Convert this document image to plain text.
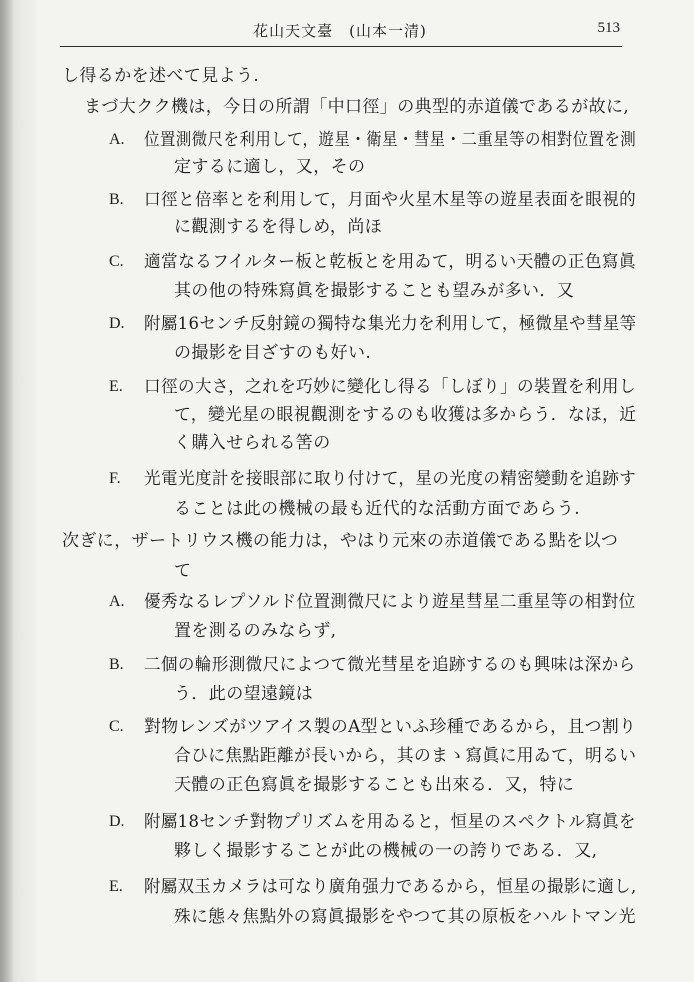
花山天文臺　(山本一清)	513
し得るかを述べて見よう.
まづ大クク機は，今日の所謂「中口徑」の典型的赤道儀であるが故に,
A. 位置測微尺を利用して，遊星・衛星・彗星・二重星等の相對位置を測
定するに適し，又，その
B. 口徑と倍率とを利用して，月面や火星木星等の遊星表面を眼視的
に觀測するを得しめ，尚ほ
C. 適當なるフイルター板と乾板とを用ゐて，明るい天體の正色寫眞
其の他の特殊寫眞を撮影することも望みが多い．又
D. 附屬16センチ反射鏡の獨特な集光力を利用して，極微星や彗星等
の撮影を目ざすのも好い.
E. 口徑の大さ，之れを巧妙に變化し得る「しぼり」の裝置を利用し
て，變光星の眼視觀測をするのも收獲は多からう．なほ，近
く購入せられる筈の
F. 光電光度計を接眼部に取り付けて，星の光度の精密變動を追跡す
ることは此の機械の最も近代的な活動方面であらう.
次ぎに，ザートリウス機の能力は，やはり元來の赤道儀である點を以つ
て
A. 優秀なるレプソルド位置測微尺により遊星彗星二重星等の相對位
置を測るのみならず,
B. 二個の輪形測微尺によつて微光彗星を追跡するのも興味は深から
う．此の望遠鏡は
C. 對物レンズがツアイス製のA型といふ珍種であるから，且つ割り
合ひに焦點距離が長いから，其のまゝ寫眞に用ゐて，明るい
天體の正色寫眞を撮影することも出來る．又，特に
D. 附屬18センチ對物プリズムを用ゐると，恒星のスペクトル寫眞を
夥しく撮影することが此の機械の一の誇りである．又,
E. 附屬双玉カメラは可なり廣角强力であるから，恒星の撮影に適し,
殊に態々焦點外の寫眞撮影をやつて其の原板をハルトマン光
